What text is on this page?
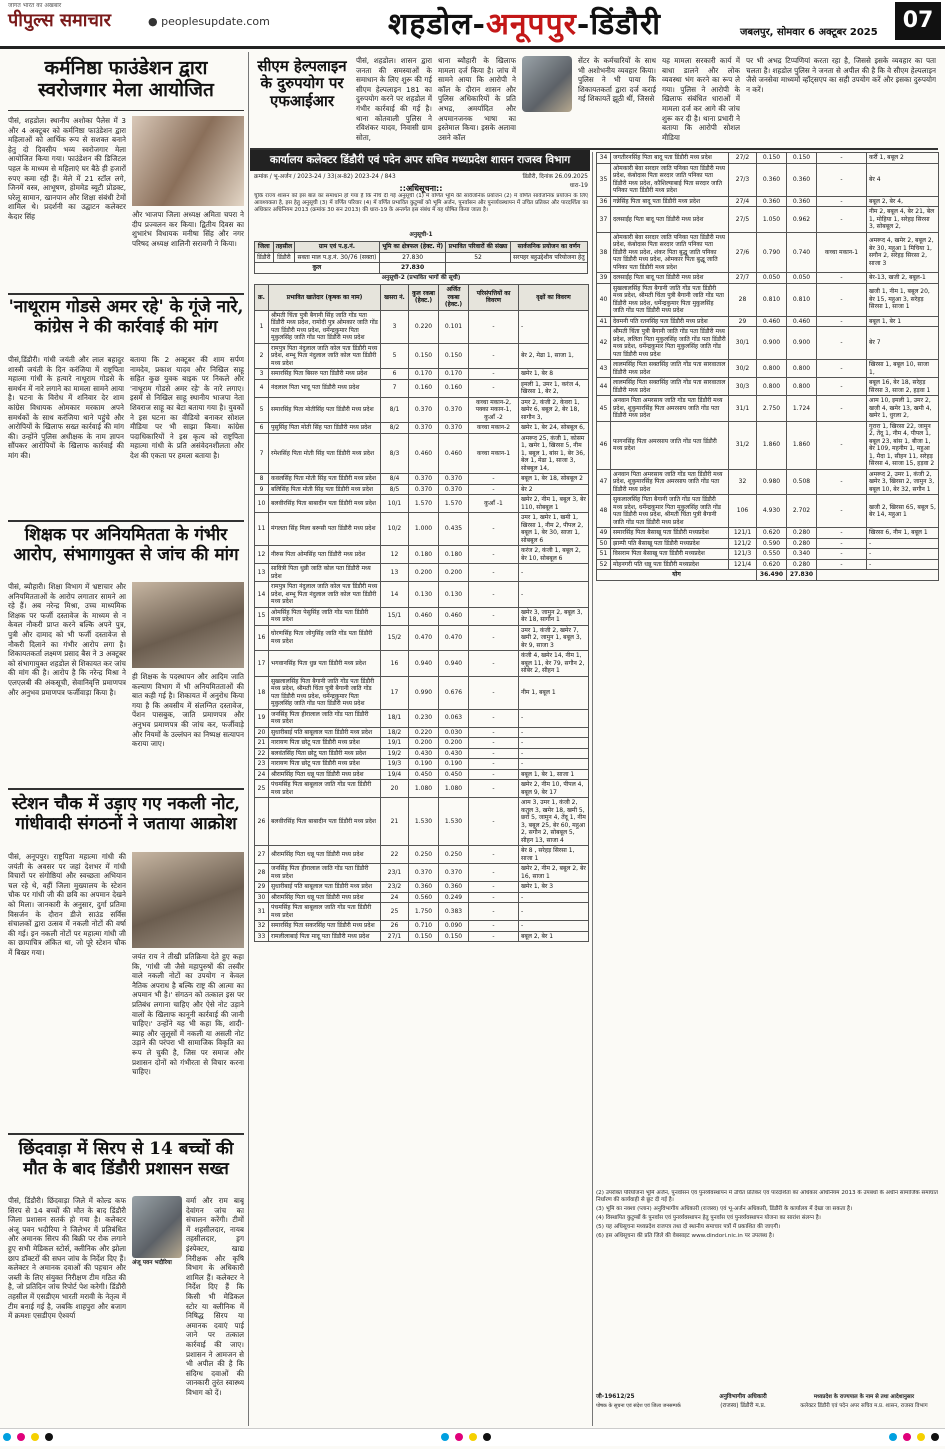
जागत भारत का अखबार
पीपुल्स समाचार	● peoplesupdate.com	शहडोल-अनूपपुर-डिंडौरी	जबलपुर, सोमवार 6 अक्टूबर 2025	07
कर्मनिष्ठा फाउंडेशन द्वारा स्वरोजगार मेला आयोजित
पीसं, शहडोल। स्थानीय अशोका पैलेस में 3 और 4 अक्टूबर को कर्मनिष्ठा फाउंडेशन द्वारा महिलाओं को आर्थिक रूप से सशक्त बनाने हेतु दो दिवसीय भव्य स्वरोजगार मेला आयोजित किया गया। फाउंडेशन की डिजिटल पहल के माध्यम से महिलाएं घर बैठे ही हजारों रुपए कमा रही हैं। मेले में 21 स्टॉल लगे, जिनमें वस्त्र, आभूषण, होममेड ब्यूटी प्रोडक्ट, घरेलू सामान, खानपान और शिक्षा संबंधी टेमों शामिल थे। प्रदर्शनी का उद्घाटन कलेक्टर केदार सिंह	और भाजपा जिला अध्यक्ष अमिता चपरा ने दीप प्रज्वलन कर किया। द्वितीय दिवस का शुभारंभ विधायक मनीषा सिंह और नगर परिषद अध्यक्ष शालिनी सरावगी ने किया।
'नाथूराम गोडसे अमर रहे' के गूंजे नारे, कांग्रेस ने की कार्रवाई की मांग
पीसं,डिंडौरी। गांधी जयंती और लाल बहादुर शास्त्री जयंती के दिन करंजिया में राष्ट्रपिता महात्मा गांधी के हत्यारे नाथूराम गोडसे के समर्थन में नारे लगाने का मामला सामने आया है। घटना के विरोध में शनिवार देर शाम कांग्रेस विधायक ओमकार मरकाम अपने समर्थकों के साथ करंजिया थाने पहुंचे और आरोपियों के खिलाफ सख्त कार्रवाई की मांग की। उन्होंने पुलिस अधीक्षक के नाम ज्ञापन सौंपकर आरोपियों के खिलाफ कार्रवाई की मांग की।
बताया कि 2 अक्टूबर की शाम सर्पण नामदेव, प्रकाश यादव और निखिल साहू सहित कुछ युवक बाइक पर निकले और 'नाथूराम गोडसे अमर रहे' के नारे लगाए। इसमें से निखिल साहू स्थानीय भाजपा नेता शिवराज साहू का बेटा बताया गया है। युवकों ने इस घटना का वीडियो बनाकर सोशल मीडिया पर भी साझा किया। कांग्रेस पदाधिकारियों ने इस कृत्य को राष्ट्रपिता महात्मा गांधी के प्रति असंवेदनशीलता और देश की एकता पर हमला बताया है।
शिक्षक पर अनियमितता के गंभीर आरोप, संभागायुक्त से जांच की मांग
पीसं, ब्यौहारी। शिक्षा विभाग में भ्रष्टाचार और अनियमितताओं के आरोप लगातार सामने आ रहे हैं। अब नरेन्द्र मिश्रा, उच्च माध्यमिक शिक्षक पर फर्जी दस्तावेज के माध्यम से न केवल नौकरी प्राप्त करने बल्कि अपने पुत्र, पुत्री और दामाद को भी फर्जी दस्तावेज से नौकरी दिलाने का गंभीर आरोप लगा है। शिकायतकर्ता लक्ष्मण प्रसाद बैस ने 3 अक्टूबर को संभागायुक्त शहडोल से शिकायत कर जांच की मांग की है। आरोप है कि नरेन्द्र मिश्रा ने एलएलबी की अंकसूची, सेवानिवृत्ति प्रमाणपत्र और अनुभव प्रमाणपत्र फर्जीवाड़ा किया है।
ही शिक्षक के पदस्थापन और आदिम जाति कल्याण विभाग में भी अनियमितताओं की बात कही गई है। शिकायत में अनुरोध किया गया है कि अवसीय में संलग्नित दस्तावेज, पेंशन पासबुक, जाति प्रमाणपत्र और अनुभव प्रमाणपत्र की जांच कर, फर्जीवाड़े और नियमों के उल्लंघन का निष्पक्ष सत्यापन कराया जाए।
स्टेशन चौक में उड़ाए गए नकली नोट, गांधीवादी संगठनों ने जताया आक्रोश
पीसं, अनूपपुर। राष्ट्रपिता महात्मा गांधी की जयंती के अवसर पर जहां देशभर में गांधी विचारों पर संगोष्ठियां और स्वच्छता अभियान चल रहे थे, वहीं जिला मुख्यालय के स्टेशन चौक पर गांधी जी की छवि का अपमान देखने को मिला। जानकारी के अनुसार, दुर्गा प्रतिमा विसर्जन के दौरान डीजे साउंड सर्विस संचालकों द्वारा उत्सव में नकली नोटों की वर्षा की गई। इन नकली नोटों पर महात्मा गांधी जी का छायाचित्र अंकित था, जो पूरे स्टेशन चौक में बिखर गया।	जयंत राय ने तीखी प्रतिक्रिया देते हुए कहा कि, 'गांधी जी जैसे महापुरुषों की तस्वीर वाले नकली नोटों का उपयोग न केवल नैतिक अपराध है बल्कि राष्ट्र की आत्मा का अपमान भी है।' संगठन को तत्काल इस पर प्रतिबंध लगाना चाहिए और ऐसे नोट उड़ाने वालों के खिलाफ कानूनी कार्रवाई की जानी चाहिए।' उन्होंने यह भी कहा कि, शादी-ब्याह और जुलूसों में नकली या असली नोट उड़ाने की परंपरा भी सामाजिक विकृति का रूप ले चुकी है, जिस पर समाज और प्रशासन दोनों को गंभीरता से विचार करना चाहिए।
छिंदवाड़ा में सिरप से 14 बच्चों की मौत के बाद डिंडौरी प्रशासन सख्त
पीसं, डिंडौरी। छिंदवाड़ा जिले में कोल्ड कफ सिरप से 14 बच्चों की मौत के बाद डिंडौरी जिला प्रशासन सतर्क हो गया है। कलेक्टर अंजू पवन भदौरिया ने जिलेभर में प्रतिबंधित और अमानक सिरप की बिक्री पर रोक लगाने हुए सभी मेडिकल स्टोर्स, क्लीनिक और झोला छाप डॉक्टरों की सघन जांच के निर्देश दिए हैं। कलेक्टर ने अमानक दवाओं की पहचान और जब्ती के लिए संयुक्त निरीक्षण टीम गठित की है, जो प्रतिदिन जांच रिपोर्ट पेश करेगी। डिंडौरी तहसील में एसडीएम भारती मरावी के नेतृत्व में टीम बनाई गई है, जबकि शाहपुरा और बजाग में क्रमशः एसडीएम ऐश्वर्या
अंजू पवन भदौरिया
वर्मा और राम बाबू देवांगन जांच का संचालन करेंगी। टीमों में शहसीलदार, नायब तहसीलदार, ड्रग इंस्पेक्टर, खाद्य निरीक्षक और कृषि विभाग के अधिकारी शामिल हैं। कलेक्टर ने निर्देश दिए हैं कि किसी भी मेडिकल स्टोर या क्लीनिक में निषिद्ध सिरप या अमानक दवाएं पाई जाने पर तत्काल कार्रवाई की जाए। प्रशासन ने आमजन से भी अपील की है कि संदिग्ध दवाओं की जानकारी तुरंत स्वास्थ्य विभाग को दें।
सीएम हेल्पलाइन के दुरुपयोग पर एफआईआर
पीसं, शहडोल। शासन द्वारा जनता की समस्याओं के समाधान के लिए शुरू की गई सीएम हेल्पलाइन 181 का दुरुपयोग करने पर शहडोल में गंभीर कार्रवाई की गई है। थाना कोतवाली पुलिस ने रविशंकर यादव, निवासी ग्राम सोता,
थाना ब्यौहारी के खिलाफ मामला दर्ज किया है। जांच में सामने आया कि आरोपी ने कॉल के दौरान शासन और पुलिस अधिकारियों के प्रति अभद्र, अमर्यादित और अपमानजनक भाषा का इस्तेमाल किया। इसके अलावा उसने कॉल
सेंटर के कर्मचारियों के साथ भी अशोभनीय व्यवहार किया। पुलिस ने भी पाया कि शिकायतकर्ता द्वारा दर्ज कराई गई शिकायतें झूठी थीं, जिससे
यह मामला सरकारी कार्य में बाधा डालने और लोक व्यवस्था भंग करने का रूप ले गया। पुलिस ने आरोपी के खिलाफ संबंधित धाराओं में मामला दर्ज कर आगे की जांच शुरू कर दी है। थाना प्रभारी ने बताया कि आरोपी सोशल मीडिया
पर भी अभद्र टिप्पणियां करता रहा है, जिससे इसके व्यवहार का पता चलता है। शहडोल पुलिस ने जनता से अपील की है कि वे सीएम हेल्पलाइन जैसे जनसेवा माध्यमों व्हॉट्सएप का सही उपयोग करें और इसका दुरुपयोग न करें।
कार्यालय कलेक्टर डिंडौरी एवं पदेन अपर सचिव मध्यप्रदेश शासन राजस्व विभाग
क्रमांक / भू-अर्जन / 2023-24 / 33(अ-82) 2023-24 / 843	डिंडौरी, दिनांक 26.09.2025
::अधिसूचना::	धारा-19
चूंकि राज्य शासन को इस बात का समाधान हो गया है कि नीचे दी गई अनुसूची (1) में वर्णित भूमि की सार्वजनिक प्रयोजन (2) में वर्णित सार्वजनिक प्रयोजन के लिए आवश्यकता है, इस हेतु अनुसूची (3) में वर्णित परिवार (4) में वर्णित प्रभावित कुटुम्बों को भूमि अर्जन, पुनर्वासन और पुनर्व्यवस्थापन में उचित प्रतिकर और पारदर्शिता का अधिकार अधिनियम 2013 (क्रमांक 30 सन 2013) की धारा-19 के अन्तर्गत इस संबंध में यह घोषित किया जाता है।
अनुसूची-1
जिला	तहसील	ग्राम एवं प.ह.नं.	भूमि का क्षेत्रफल (हेक्ट. में)	प्रभावित परिवारों की संख्या	सार्वजनिक प्रयोजन का वर्णन
डिंडौरी	डिंडौरी	सक्ता माल प.ह.नं. 30/76 (सक्ता)	27.830	52	सरपहर बहुउद्देशीय परियोजना हेतु
कुल			27.830		
अनुसूची-2 (प्रभावित भागों की सूची)
क्र.	प्रभावित खातेदार (कृषक का नाम)	खसरा नं.	कुल रकबा (हेक्ट.)	अर्जित रकबा (हेक्ट.)	परिसंपत्तियों का विवरण	वृक्षों का विवरण
1	श्रीमती चिंता पुत्री बैगानी सिंह जाति गोंड पता डिंडौरी मध्य प्रदेश, रामोदी पुत्र ओमकार जाति गोंड पता डिंडौरी मध्य प्रदेश, धर्मेन्द्रकुमार पिता मुकुलसिंह जाति गोंड पता डिंडौरी मध्य प्रदेश	3	0.220	0.101	-	-
2	रामपुत्र पिता नंदुलाल जाति कोल पता डिंडौरी मध्य प्रदेश, शम्भू पिता नंदुलाल जाति कोल पता डिंडौरी मध्य प्रदेश	5	0.150	0.150	-	बेर 2, मेढा 1, साजा 1,
3	समारसिंह पिता बिसरु पता डिंडौरी मध्य प्रदेश	6	0.170	0.170	-	खमेर 1, बेर 8
4	नंदलाल पिता भादू पता डिंडौरी मध्य प्रदेश	7	0.160	0.160	-	इमली 1, उमर 1, करंज 4, खिरसा 1, बेर 2,
5	समारसिंह पिता मोतीसिंह पता डिंडौरी मध्य प्रदेश	8/1	0.370	0.370	कच्चा मकान-2, पक्का मकान-1, कुआँ -2	उमर 2, कंजी 2, केवरा 1, खमेर 6, बबूल 2, बेर 18, सागौन 3,
6	पुसुसिंह पिता मोती सिंह पता डिंडौरी मध्य प्रदेश	8/2	0.370	0.370	कच्चा मकान-2	खमेर 1, बेर 24, सोबबूल 6,
7	रमेशसिंह पिता मोती सिंह पता डिंडौरी मध्य प्रदेश	8/3	0.460	0.460	कच्चा मकान-1	अमरूद 25, कंजी 1, कोसम 1, खमेर 1, खिरसा 5, नीम 1, बबूल 1, बांस 1, बेर 36, बेल 1, मेढा 1, साजा 3, सोबबूल 14,
8	कवलसिंह पिता मोती सिंह पता डिंडौरी मध्य प्रदेश	8/4	0.370	0.370	-	बबूल 1, बेर 18, सोबबूल 2
9	बलिसिंह पिता मोती सिंह पता डिंडौरी मध्य प्रदेश	8/5	0.370	0.370	-	बेर 2
10	बलवीरसिंह पिता बाबादीन पता डिंडौरी मध्य प्रदेश	10/1	1.570	1.570	कुआँ -1	खमेर 2, नीम 1, बबूल 3, बेर 110, सोबबूल 1
11	मंगलता सिंह मिला बरूसी पता डिंडौरी मध्य प्रदेश	10/2	1.000	0.435	-	उमर 1, खमेर 1, खमी 1, खिरसा 1, नीम 2, पीपल 2, बबूल 1, बेर 30, साजा 1, सोबबूल 6
12	नीरुस पिता ओमसिंह पता डिंडौरी मध्य प्रदेश	12	0.180	0.180	-	करंज 2, कंजी 1, बबूल 2, बेर 10, सोबबूल 6
13	सावित्री पिता धुन्नी जाति कोल पता डिंडौरी मध्य प्रदेश	13	0.200	0.200	-	-
14	रामपुत्र पिता नंदुलाल जाति कोल पता डिंडौरी मध्य प्रदेश, शम्भू पिता नंदुलाल जाति कोल पता डिंडौरी मध्य प्रदेश	14	0.130	0.130	-	-
15	ओमसिंह पिता पेसुसिंह जाति गोंड पता डिंडौरी मध्य प्रदेश	15/1	0.460	0.460	-	खमेर 3, जामुन 2, बबूल 3, बेर 18, सागौन 1
16	घोरणसिंह पिता जोगुसिंह जाति गोंड पता डिंडौरी मध्य प्रदेश	15/2	0.470	0.470	-	उमर 1, कंजी 2, खमेर 7, खमी 2, जामुन 1, बबूल 3, बेर 9, साजा 3
17	भगवानसिंह पिता धुन्न पता डिंडौरी मध्य प्रदेश	16	0.940	0.940	-	कंजी 4, खमेर 14, नीम 1, बबूल 11, बेर 79, सगौन 2, सोबेर 2, सीहन 1
18	सुखलालसिंह पिता बैगानी जाति गोंड पता डिंडौरी मध्य प्रदेश, श्रीमती चिंता पुत्री बैगानी जाति गोंड पता डिंडौरी मध्य प्रदेश, धर्मेन्द्रकुमार पिता मुकुलसिंह जाति गोंड पता डिंडौरी मध्य प्रदेश	17	0.990	0.676	-	नीम 1, बबूल 1
19	जनसिंह पिता हीरालाल जाति गोंड पता डिंडौरी मध्य प्रदेश	18/1	0.230	0.063	-	-
20	सुधारीबाई पति बाबूलाल पता डिंडौरी मध्य प्रदेश	18/2	0.220	0.030	-	-
21	नारायण पिता छोटू पता डिंडौरी मध्य प्रदेश	19/1	0.200	0.200	-	-
22	बलवंतसिंह पिता छोटू पता डिंडौरी मध्य प्रदेश	19/2	0.430	0.430	-	-
23	नारायण पिता छोटू पता डिंडौरी मध्य प्रदेश	19/3	0.190	0.190	-	-
24	श्रीरामसिंह पिता धन्नू पता डिंडौरी मध्य प्रदेश	19/4	0.450	0.450	-	बबूल 1, बेर 1, साजा 1
25	पंचमसिंह पिता बाबूलाल जाति गोंड पता डिंडौरी मध्य प्रदेश	20	1.080	1.080	-	खमेर 2, नीम 10, पीपल 4, बबूल 9, बेर 17
26	बलवीरसिंह पिता बाबादीन पता डिंडौरी मध्य प्रदेश	21	1.530	1.530	-	आम 3, उमर 1, कंजी 2, कतुल 3, खमेर 18, खमी 5, छर्रा 5, जामुन 4, तेंदू 1, नीम 3, बबूल 25, बेर 60, महुआ 2, सगौन 2, सोबबूल 5, सीहन 13, साजा 4
27	श्रीरामसिंह पिता धन्नू पता डिंडौरी मध्य प्रदेश	22	0.250	0.250	-	बेर 8 , सरेहड़ सिरसा 1, साजा 1
28	जनसिंह पिता हीरालाल जाति गोंड पता डिंडौरी मध्य प्रदेश	23/1	0.370	0.370	-	खमेर 2, नीम 2, बबूल 2, बेर 16, साजा 1
29	सुधारीबाई पति बाबूलाल पता डिंडौरी मध्य प्रदेश	23/2	0.360	0.360	-	खमेर 1, बेर 3
30	श्रीरामसिंह पिता धन्नू पता डिंडौरी मध्य प्रदेश	24	0.560	0.249	-	-
31	पंचमसिंह पिता बाबूलाल जाति गोंड पता डिंडौरी मध्य प्रदेश	25	1.750	0.383	-	-
32	समारसिंह पिता सकरसिंह पता डिंडौरी मध्य प्रदेश	26	0.710	0.090	-	-
33	रामलीलाबाई पिता मादू पता डिंडौरी मध्य प्रदेश	27/1	0.150	0.150	-	बबूल 2, बेर 1
34	जगतीरनसिंह पिता बादू पता डिंडौरी मध्य प्रदेश	27/2	0.150	0.150	-	कर्री 1, बबूल 2
35	ओमकारी बेवा सरदार जाति पनिका पता डिंडौरी मध्य प्रदेश, कंबोदास पिता सरदार जाति पनिका पता डिंडौरी मध्य प्रदेश, कौशिल्याबाई पिता सरदार जाति पनिका पता डिंडौरी मध्य प्रदेश	27/3	0.360	0.360	-	बेर 4
36	गन्नेसिंह पिता बादू पता डिंडौरी मध्य प्रदेश	27/4	0.360	0.360	-	बबूल 2, बेर 4,
37	दलसाईंह पिता बादू पता डिंडौरी मध्य प्रदेश	27/5	1.050	0.962	-	नीम 2, बबूल 4, बेर 21, बेल 1, मोहिया 1, सरेहड़ सिरसा 3, सोबबूल 2,
38	ओमकारी बेवा सरदार जाति पनिका पता डिंडौरी मध्य प्रदेश, कंबोदास पिता सरदार जाति पनिका पता डिंडौरी मध्य प्रदेश, शंकर पिता बुद्धू जाति पनिका पता डिंडौरी मध्य प्रदेश, ओमकार पिता बुद्धू जाति पनिका पता डिंडौरी मध्य प्रदेश	27/6	0.790	0.740	कच्चा मकान-1	अमरूद 4, खमेर 2, बबूल 2, बेर 30, महुआ 1 मिचिया 1, सगौन 2, सरेहड़ सिरसा 2, साजा 3
39	दलसाईंह पिता बादू पता डिंडौरी मध्य प्रदेश	27/7	0.050	0.050	-	बेर-13, खजी 2, बबूल-1
40	सुखलालसिंह पिता बैगानी जाति गोंड पता डिंडौरी मध्य प्रदेश, श्रीमती चिंता पुत्री बैगानी जाति गोंड पता डिंडौरी मध्य प्रदेश, धर्मेन्द्रकुमार पिता मुकुलसिंह जाति गोंड पता डिंडौरी मध्य प्रदेश	28	0.810	0.810	-	खजी 1, नीम 1, बबूल 20, बेर 15, महुआ 3, सरेहड़ सिरसा 1, साजा 1
41	देवमनी पति रतनसिंह पता डिंडौरी मध्य प्रदेश	29	0.460	0.460	-	बबूल 1, बेर 1
42	श्रीमती चिंता पुत्री बैगानी जाति गोंड पता डिंडौरी मध्य प्रदेश, ललिता पिता मुकुलसिंह जाति गोंड पता डिंडौरी मध्य प्रदेश, धर्मेन्द्रकुमार पिता मुकुलसिंह जाति गोंड पता डिंडौरी मध्य प्रदेश	30/1	0.900	0.900	-	बेर 7
43	लालमसिंह पिता सक्तसिंह जाति गोंड पता सारवाताल डिंडौरी मध्य प्रदेश	30/2	0.800	0.800	-	खिरसा 1, बबूल 10, साजा 1,
44	लालमसिंह पिता सक्तसिंह जाति गोंड पता सारवाताल डिंडौरी मध्य प्रदेश	30/3	0.800	0.800	-	बबूल 16, बेर 18, सरेहड़ सिरसा 3, साजा 2, हड़वा 1
45	अनवान पिता अमरसाय जाति गोंड पता डिंडौरी मध्य प्रदेश, शुकुमारसिंह पिता अमरसाय जाति गोंड पता डिंडौरी मध्य प्रदेश	31/1	2.750	1.724	-	आम 10, इमली 1, उमर 2, खजी 4, खमेर 13, खमी 4, खमेर 1, धुरला 2,
46	फागनसिंह पिता अमरसाय जाति गोंड पता डिंडौरी मध्य प्रदेश	31/2	1.860	1.860	-	गुरारा 1, खिरसा 22, जामुन 2, तेंदू 1, नीम 4, पीपल 1, बबूल 23, बांस 1, बीजा 1, बेर 109, महनीम 1, महुआ 1, मैदा 1, सीहन 11, सरेहड़ सिरसा 4, साजा 15, हड़वा 2
47	अनवान पिता अमरसाय जाति गोंड पता डिंडौरी मध्य प्रदेश, शुकुमारसिंह पिता अमरसाय जाति गोंड पता डिंडौरी मध्य प्रदेश	32	0.980	0.508	-	अमरूद 2, उमर 1, कंजी 2, खमेर 3, खिरसा 2, जामुन 3, बबूल 10, बेर 32, सगौन 1
48	सुकलालसिंह पिता बैगानी जाति गोंड पता डिंडौरी मध्य प्रदेश, धर्मेन्द्रकुमार पिता मुकुलसिंह जाति गोंड पता डिंडौरी मध्य प्रदेश, श्रीमती चिंता पुत्री बैगानी जाति गोंड पता डिंडौरी मध्य प्रदेश	106	4.930	2.702	-	खजी 2, खिरसा 65, बबूल 5, बेर 14, महुआ 1
49	समारसिंह पिता बैसाखू पता डिंडौरी मध्यप्रदेश	121/1	0.620	0.280	-	खिरसा 6, नीम 1, बबूल 1
50	झाम्पी पति बैसाखू पता डिंडौरी मध्यप्रदेश	121/2	0.590	0.280	-	-
51	विसराम पिता बैसाखू पता डिंडौरी मध्यप्रदेश	121/3	0.550	0.340	-	-
52	मोहनगरी पति धन्नू पता डिंडौरी मध्यप्रदेश	121/4	0.620	0.280	-	-
योग			36.490	27.830		
(2) उपरोक्त परियोजना भूमि अर्जन, पुनर्वासन एवं पुनर्व्यवस्थापन में उचित प्रतिकर एवं पारदर्शिता का अधिकार अधिनियम 2013 के उपबंधों के अधीन सामाजिक समाघात निर्धारण की कार्यवाही से छूट दी गई है।
(3) भूमि का नक्शा (प्लान) अनुविभागीय अधिकारी (राजस्व) एवं भू-अर्जन अधिकारी, डिंडौरी के कार्यालय में देखा जा सकता है।
(4) विस्थापित कुटुम्बों के पुनर्वास एवं पुनर्व्यवस्थापन हेतु पुनर्वास एवं पुनर्व्यवस्थापन योजना का सारांश संलग्न है।
(5) यह अधिसूचना मध्यप्रदेश राजपत्र तथा दो स्थानीय समाचार पत्रों में प्रकाशित की जाएगी।
(6) इस अधिसूचना की प्रति जिले की वेबसाइट www.dindori.nic.in पर उपलब्ध है।
जी-19612/25
पोषक के सूचना एवं संदेश एवं जिला जनसम्पर्क
अनुविभागीय अधिकारी
(राजस्व) डिंडौरी म.प्र.
मध्यप्रदेश के राज्यपाल के नाम से तथा आदेशानुसार
कलेक्टर डिंडौरी एवं पदेन अपर सचिव म.प्र. शासन, राजस्व विभाग
